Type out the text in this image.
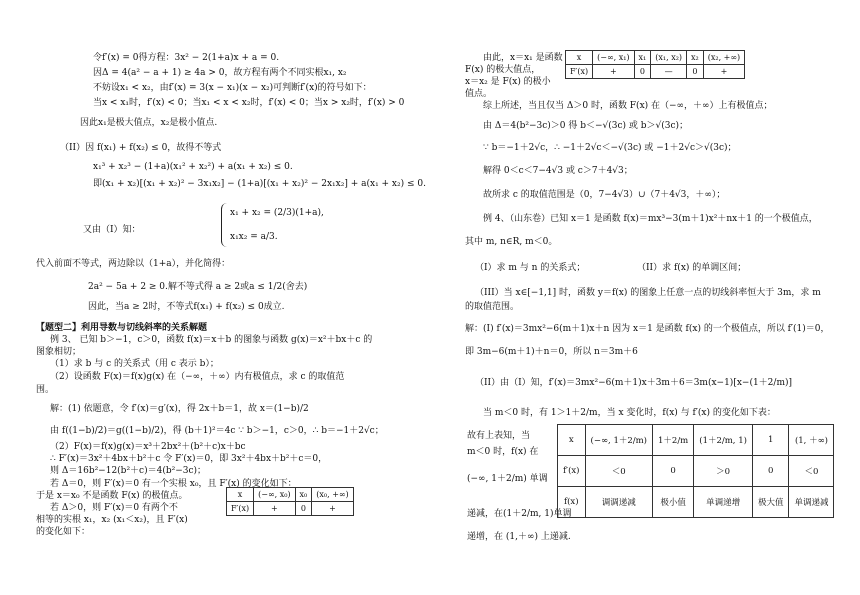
令f′(x) = 0得方程：3x² − 2(1+a)x + a = 0.
因Δ = 4(a² − a + 1) ≥ 4a > 0，故方程有两个不同实根x₁, x₂
不妨设x₁ < x₂，由f′(x) = 3(x − x₁)(x − x₂)可判断f′(x)的符号如下：
当x < x₁时，f′(x) < 0；当x₁ < x < x₂时，f′(x) < 0；当x > x₂时，f′(x) > 0
因此x₁是极大值点，x₂是极小值点.
（II）因 f(x₁) + f(x₂) ≤ 0，故得不等式
x₁³ + x₂³ − (1+a)(x₁² + x₂²) + a(x₁ + x₂) ≤ 0.
即(x₁ + x₂)[(x₁ + x₂)² − 3x₁x₂] − (1+a)[(x₁ + x₂)² − 2x₁x₂] + a(x₁ + x₂) ≤ 0.
又由（I）知：
x₁ + x₂ = (2/3)(1+a),
x₁x₂ = a/3.
代入前面不等式，两边除以（1+a），并化简得：
2a² − 5a + 2 ≥ 0.解不等式得 a ≥ 2或a ≤ 1/2(舍去)
因此，当a ≥ 2时，不等式f(x₁) + f(x₂) ≤ 0成立.
【题型二】利用导数与切线斜率的关系解题
例 3、 已知 b＞−1，c＞0，函数 f(x)＝x＋b 的图象与函数 g(x)＝x²＋bx＋c 的
图象相切；
（1）求 b 与 c 的关系式（用 c 表示 b）；
（2）设函数 F(x)＝f(x)g(x) 在（−∞，＋∞）内有极值点，求 c 的取值范
围。
解：(1) 依题意，令 f′(x)＝g′(x)，得 2x＋b＝1，故 x＝(1−b)/2
由 f((1−b)/2)＝g((1−b)/2)，得 (b＋1)²＝4c ∵ b＞−1，c＞0，∴ b＝−1＋2√c；
（2）F(x)＝f(x)g(x)＝x³＋2bx²＋(b²＋c)x＋bc
∴ F′(x)＝3x²＋4bx＋b²＋c 令 F′(x)＝0，即 3x²＋4bx＋b²＋c＝0，
则 Δ＝16b²−12(b²＋c)＝4(b²−3c)；
若 Δ＝0，则 F′(x)＝0 有一个实根 x₀，且 F′(x) 的变化如下：
于是 x＝x₀ 不是函数 F(x) 的极值点。
若 Δ＞0，则 F′(x)＝0 有两个不
相等的实根 x₁，x₂ (x₁＜x₂)，且 F′(x)
的变化如下：
x	(−∞, x₀)	x₀	(x₀, +∞)
F′(x)	+	0	+
由此，x＝x₁ 是函数
F(x) 的极大值点，
x＝x₂ 是 F(x) 的极小
值点。
x	(−∞, x₁)	x₁	(x₁, x₂)	x₂	(x₂, +∞)
F′(x)	+	0	—	0	+
综上所述，当且仅当 Δ＞0 时，函数 F(x) 在（−∞，＋∞）上有极值点；
由 Δ＝4(b²−3c)＞0 得 b＜−√(3c) 或 b＞√(3c)；
∵ b＝−1＋2√c，∴ −1＋2√c＜−√(3c) 或 −1＋2√c＞√(3c)；
解得 0＜c＜7−4√3 或 c＞7＋4√3；
故所求 c 的取值范围是（0，7−4√3）∪（7＋4√3，＋∞）；
例 4、（山东卷）已知 x＝1 是函数 f(x)＝mx³−3(m＋1)x²＋nx＋1 的一个极值点，
其中 m, n∈R, m＜0。
（I）求 m 与 n 的关系式；	（II）求 f(x) 的单调区间；
（III）当 x∈[−1,1] 时，函数 y＝f(x) 的图象上任意一点的切线斜率恒大于 3m，求 m
的取值范围。
解：(I) f′(x)＝3mx²−6(m＋1)x＋n 因为 x＝1 是函数 f(x) 的一个极值点，所以 f′(1)＝0，
即 3m−6(m＋1)＋n＝0，所以 n＝3m＋6
（II）由（I）知，f′(x)＝3mx²−6(m＋1)x＋3m＋6＝3m(x−1)[x−(1＋2/m)]
当 m＜0 时，有 1＞1＋2/m，当 x 变化时，f(x) 与 f′(x) 的变化如下表：
故有上表知，当
m＜0 时，f(x) 在
(−∞, 1＋2/m) 单调
递减，在(1＋2/m, 1)单调
递增，在 (1,＋∞) 上递减.
x	(−∞, 1＋2/m)	1＋2/m	(1＋2/m, 1)	1	(1, ＋∞)
f′(x)	＜0	0	＞0	0	＜0
f(x)	调调递减	极小值	单调递增	极大值	单调递减
